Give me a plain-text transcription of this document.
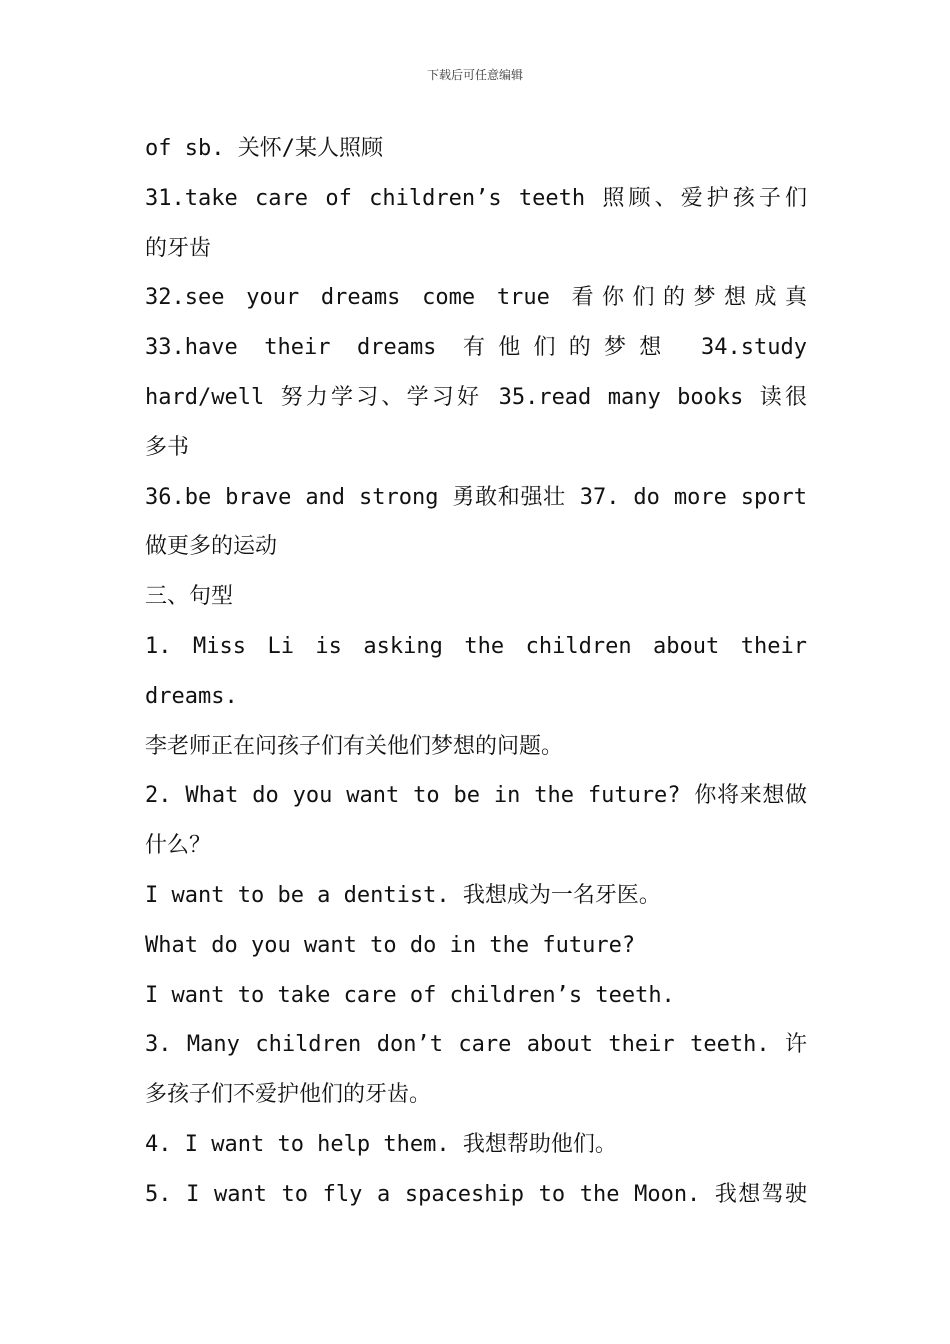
下载后可任意编辑
of sb. 关怀/某人照顾
31.take care of children’s teeth 照顾、爱护孩子们
的牙齿
32.see your dreams come true 看你们的梦想成真
33.have their dreams 有他们的梦想 34.study
hard/well 努力学习、学习好 35.read many books 读很
多书
36.be brave and strong 勇敢和强壮 37. do more sport
做更多的运动
三、句型
1. Miss Li is asking the children about their
dreams.
李老师正在问孩子们有关他们梦想的问题。
2. What do you want to be in the future? 你将来想做
什么？
I want to be a dentist. 我想成为一名牙医。
What do you want to do in the future?
I want to take care of children’s teeth.
3. Many children don’t care about their teeth. 许
多孩子们不爱护他们的牙齿。
4. I want to help them. 我想帮助他们。
5. I want to fly a spaceship to the Moon. 我想驾驶
